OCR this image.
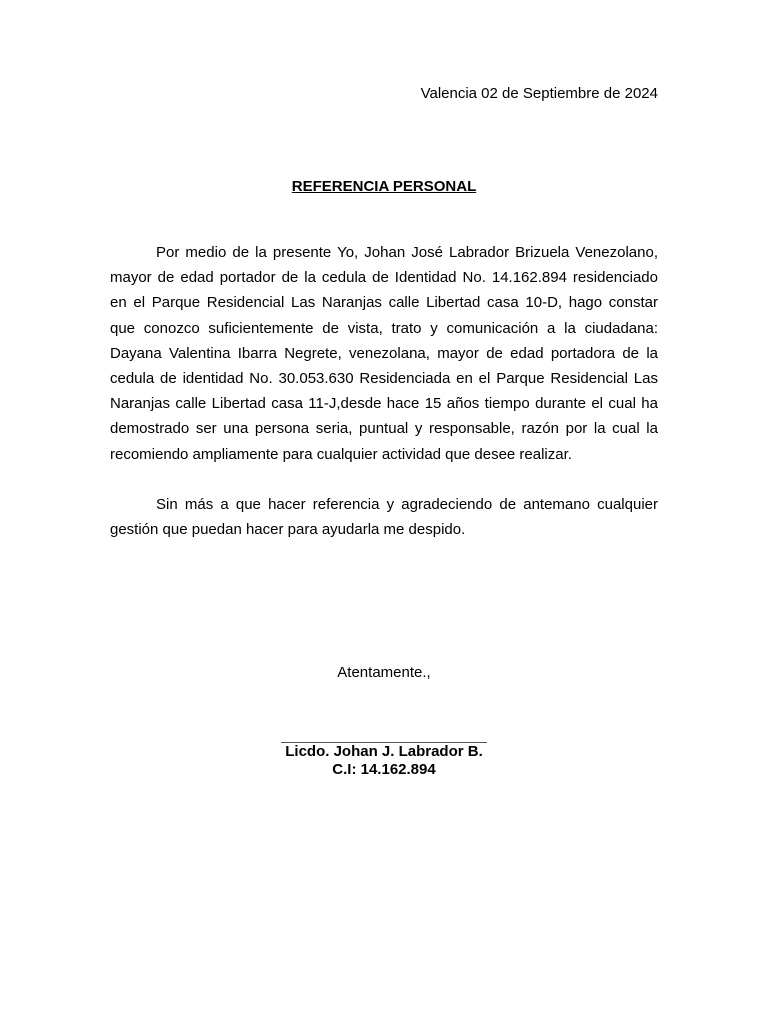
Valencia 02 de Septiembre de 2024
REFERENCIA PERSONAL

Por medio de la presente Yo, Johan José Labrador Brizuela Venezolano, mayor de edad portador de la cedula de Identidad No. 14.162.894 residenciado en el Parque Residencial Las Naranjas calle Libertad casa 10-D, hago constar que conozco suficientemente de vista, trato y comunicación a la ciudadana: Dayana Valentina Ibarra Negrete, venezolana, mayor de edad portadora de la cedula de identidad No. 30.053.630 Residenciada en el Parque Residencial Las Naranjas calle Libertad casa 11-J,desde hace 15 años tiempo durante el cual ha demostrado ser una persona seria, puntual y responsable, razón por la cual la recomiendo ampliamente para cualquier actividad que desee realizar.

Sin más a que hacer referencia y agradeciendo de antemano cualquier gestión que puedan hacer para ayudarla me despido.

Atentamente.,
Licdo. Johan J. Labrador B.
C.I: 14.162.894
